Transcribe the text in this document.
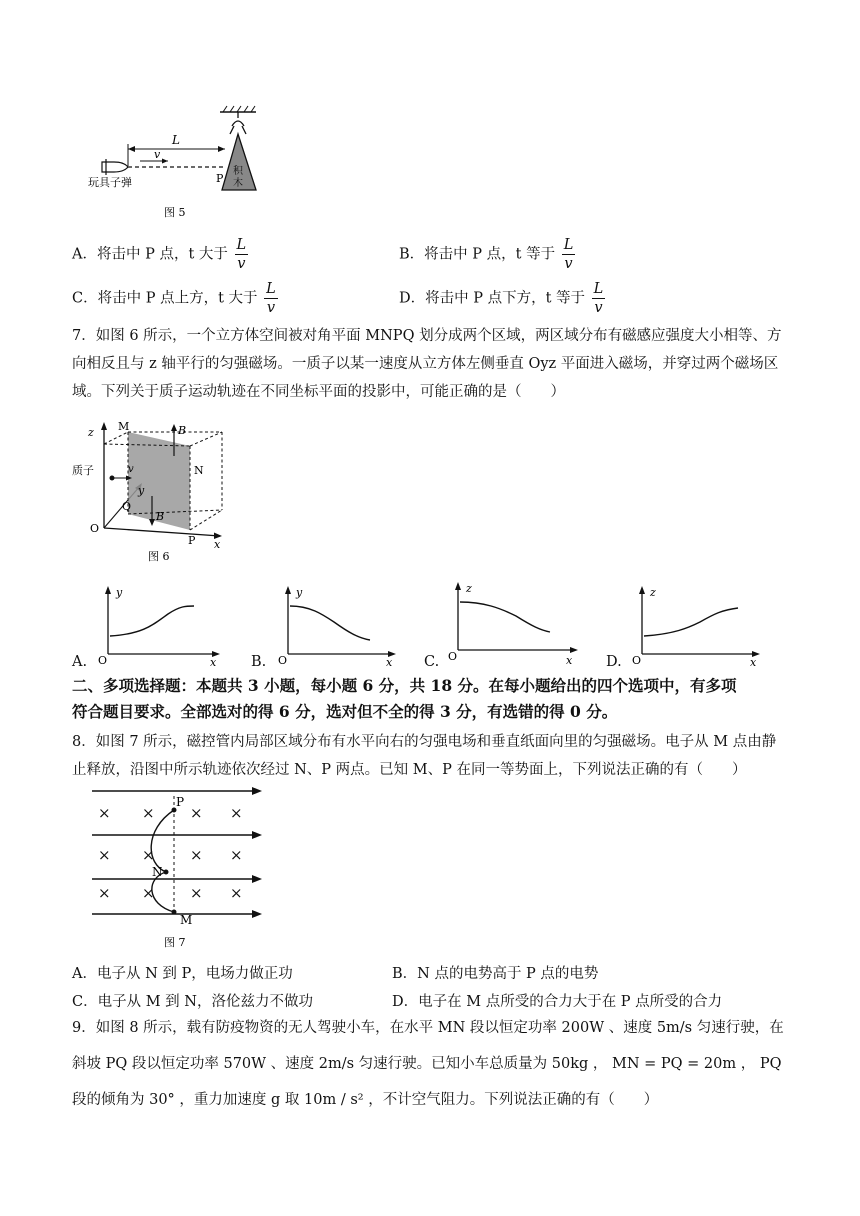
L
v
P
玩具子弹
积
木
图 5
A．将击中 P 点，t 大于 $\frac{L}{v}$	B．将击中 P 点，t 等于 $\frac{L}{v}$
C．将击中 P 点上方，t 大于 $\frac{L}{v}$	D．将击中 P 点下方，t 等于 $\frac{L}{v}$
7．如图 6 所示，一个立方体空间被对角平面 MNPQ 划分成两个区域，两区域分布有磁感应强度大小相等、方
向相反且与 z 轴平行的匀强磁场。一质子以某一速度从立方体左侧垂直 Oyz 平面进入磁场，并穿过两个磁场区
域。下列关于质子运动轨迹在不同坐标平面的投影中，可能正确的是（　　）
z M	B
N
v
质子
y
Q
B
O
P x
图 6
A.
y
x
O	B.
y
x
O	C.
z
x
O	D.
z
x
O
二、多项选择题：本题共 3 小题，每小题 6 分，共 18 分。在每小题给出的四个选项中，有多项
符合题目要求。全部选对的得 6 分，选对但不全的得 3 分，有选错的得 0 分。
8．如图 7 所示，磁控管内局部区域分布有水平向右的匀强电场和垂直纸面向里的匀强磁场。电子从 M 点由静
止释放，沿图中所示轨迹依次经过 N、P 两点。已知 M、P 在同一等势面上，下列说法正确的有（　　）
× × × ×
× × × ×
× × × ×
P
N
M
图 7
A．电子从 N 到 P，电场力做正功	B．N 点的电势高于 P 点的电势
C．电子从 M 到 N，洛伦兹力不做功	D．电子在 M 点所受的合力大于在 P 点所受的合力
9．如图 8 所示，载有防疫物资的无人驾驶小车，在水平 MN 段以恒定功率 200W 、速度 5m/s 匀速行驶，在
斜坡 PQ 段以恒定功率 570W 、速度 2m/s 匀速行驶。已知小车总质量为 50kg ， MN = PQ = 20m ， PQ
段的倾角为 30° ，重力加速度 g 取 10m / s² ，不计空气阻力。下列说法正确的有（　　）
